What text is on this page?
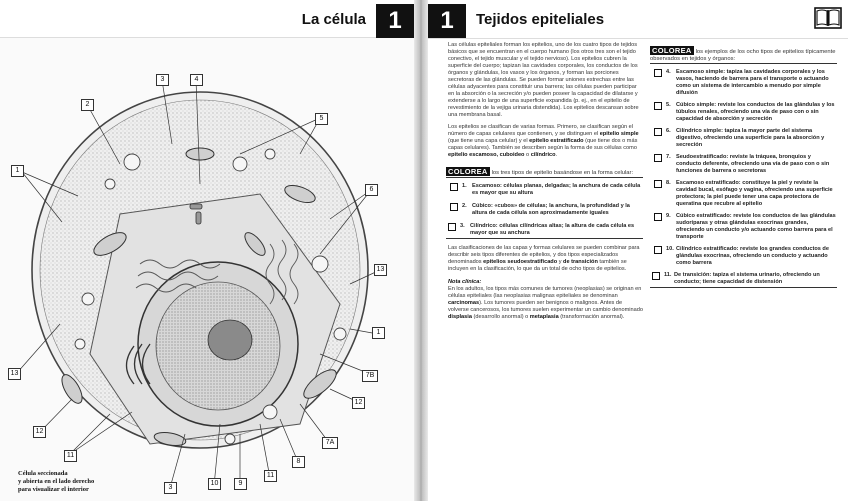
La célula 1
1
2
3	4
5
6
13
1
7B
12
13
12
11
7A
8
11
9
10
3
Célula seccionada
y abierta en el lado derecho
para visualizar el interior
1	Tejidos epiteliales

Las células epiteliales forman los epitelios, uno de los cuatro tipos de tejidos básicos que se encuentran en el cuerpo humano (los otros tres son el tejido conectivo, el tejido muscular y el tejido nervioso). Los epitelios cubren la superficie del cuerpo; tapizan las cavidades corporales, los conductos de los órganos y glándulas, los vasos y los órganos, y forman las porciones secretoras de las glándulas. Se pueden formar uniones estrechas entre las células adyacentes para constituir una barrera; las células pueden participar en la absorción o la secreción y/o pueden poseer la capacidad de dilatarse y extenderse a lo largo de una superficie expandida (p. ej., en el epitelio de revestimiento de la vejiga urinaria distendida). Los epitelios descansan sobre una membrana basal.

Los epitelios se clasifican de varias formas. Primero, se clasifican según el número de capas celulares que contienen, y se distinguen el epitelio simple (que tiene una capa celular) y el epitelio estratificado (que tiene dos o más capas celulares). También se describen según la forma de sus células como epitelio escamoso, cuboideo o cilíndrico.

COLOREA los tres tipos de epitelio basándose en la forma celular:
1. Escamoso: células planas, delgadas; la anchura de cada célula es mayor que su altura
2. Cúbico: «cubos» de células; la anchura, la profundidad y la altura de cada célula son aproximadamente iguales
3. Cilíndrico: células cilíndricas altas; la altura de cada célula es mayor que su anchura

Las clasificaciones de las capas y formas celulares se pueden combinar para describir seis tipos diferentes de epitelios, y dos tipos especializados denominados epitelios seudoestratificado y de transición también se incluyen en la clasificación, lo que da un total de ocho tipos de epitelios.

Nota clínica:
En los adultos, los tipos más comunes de tumores (neoplasias) se originan en células epiteliales (las neoplasias malignas epiteliales se denominan carcinomas). Los tumores pueden ser benignos o malignos. Antes de volverse cancerosos, los tumores suelen experimentar un cambio denominado displasia (desarrollo anormal) o metaplasia (transformación anormal).

COLOREA los ejemplos de los ocho tipos de epitelios típicamente observados en tejidos y órganos:
4. Escamoso simple: tapiza las cavidades corporales y los vasos, haciendo de barrera para el transporte o actuando como un sistema de intercambio a menudo por simple difusión
5. Cúbico simple: reviste los conductos de las glándulas y los túbulos renales, ofreciendo una vía de paso con o sin capacidad de absorción y secreción
6. Cilíndrico simple: tapiza la mayor parte del sistema digestivo, ofreciendo una superficie para la absorción y secreción
7. Seudoestratificado: reviste la tráquea, bronquios y conducto deferente, ofreciendo una vía de paso con o sin funciones de barrera o secretoras
8. Escamoso estratificado: constituye la piel y reviste la cavidad bucal, esófago y vagina, ofreciendo una superficie protectora; la piel puede tener una capa protectora de queratina que recubre al epitelio
9. Cúbico estratificado: reviste los conductos de las glándulas sudoríparas y otras glándulas exocrinas grandes, ofreciendo un conducto y/o actuando como barrera para el transporte
10. Cilíndrico estratificado: reviste los grandes conductos de glándulas exocrinas, ofreciendo un conducto y actuando como barrera
11. De transición: tapiza el sistema urinario, ofreciendo un conducto; tiene capacidad de distensión
